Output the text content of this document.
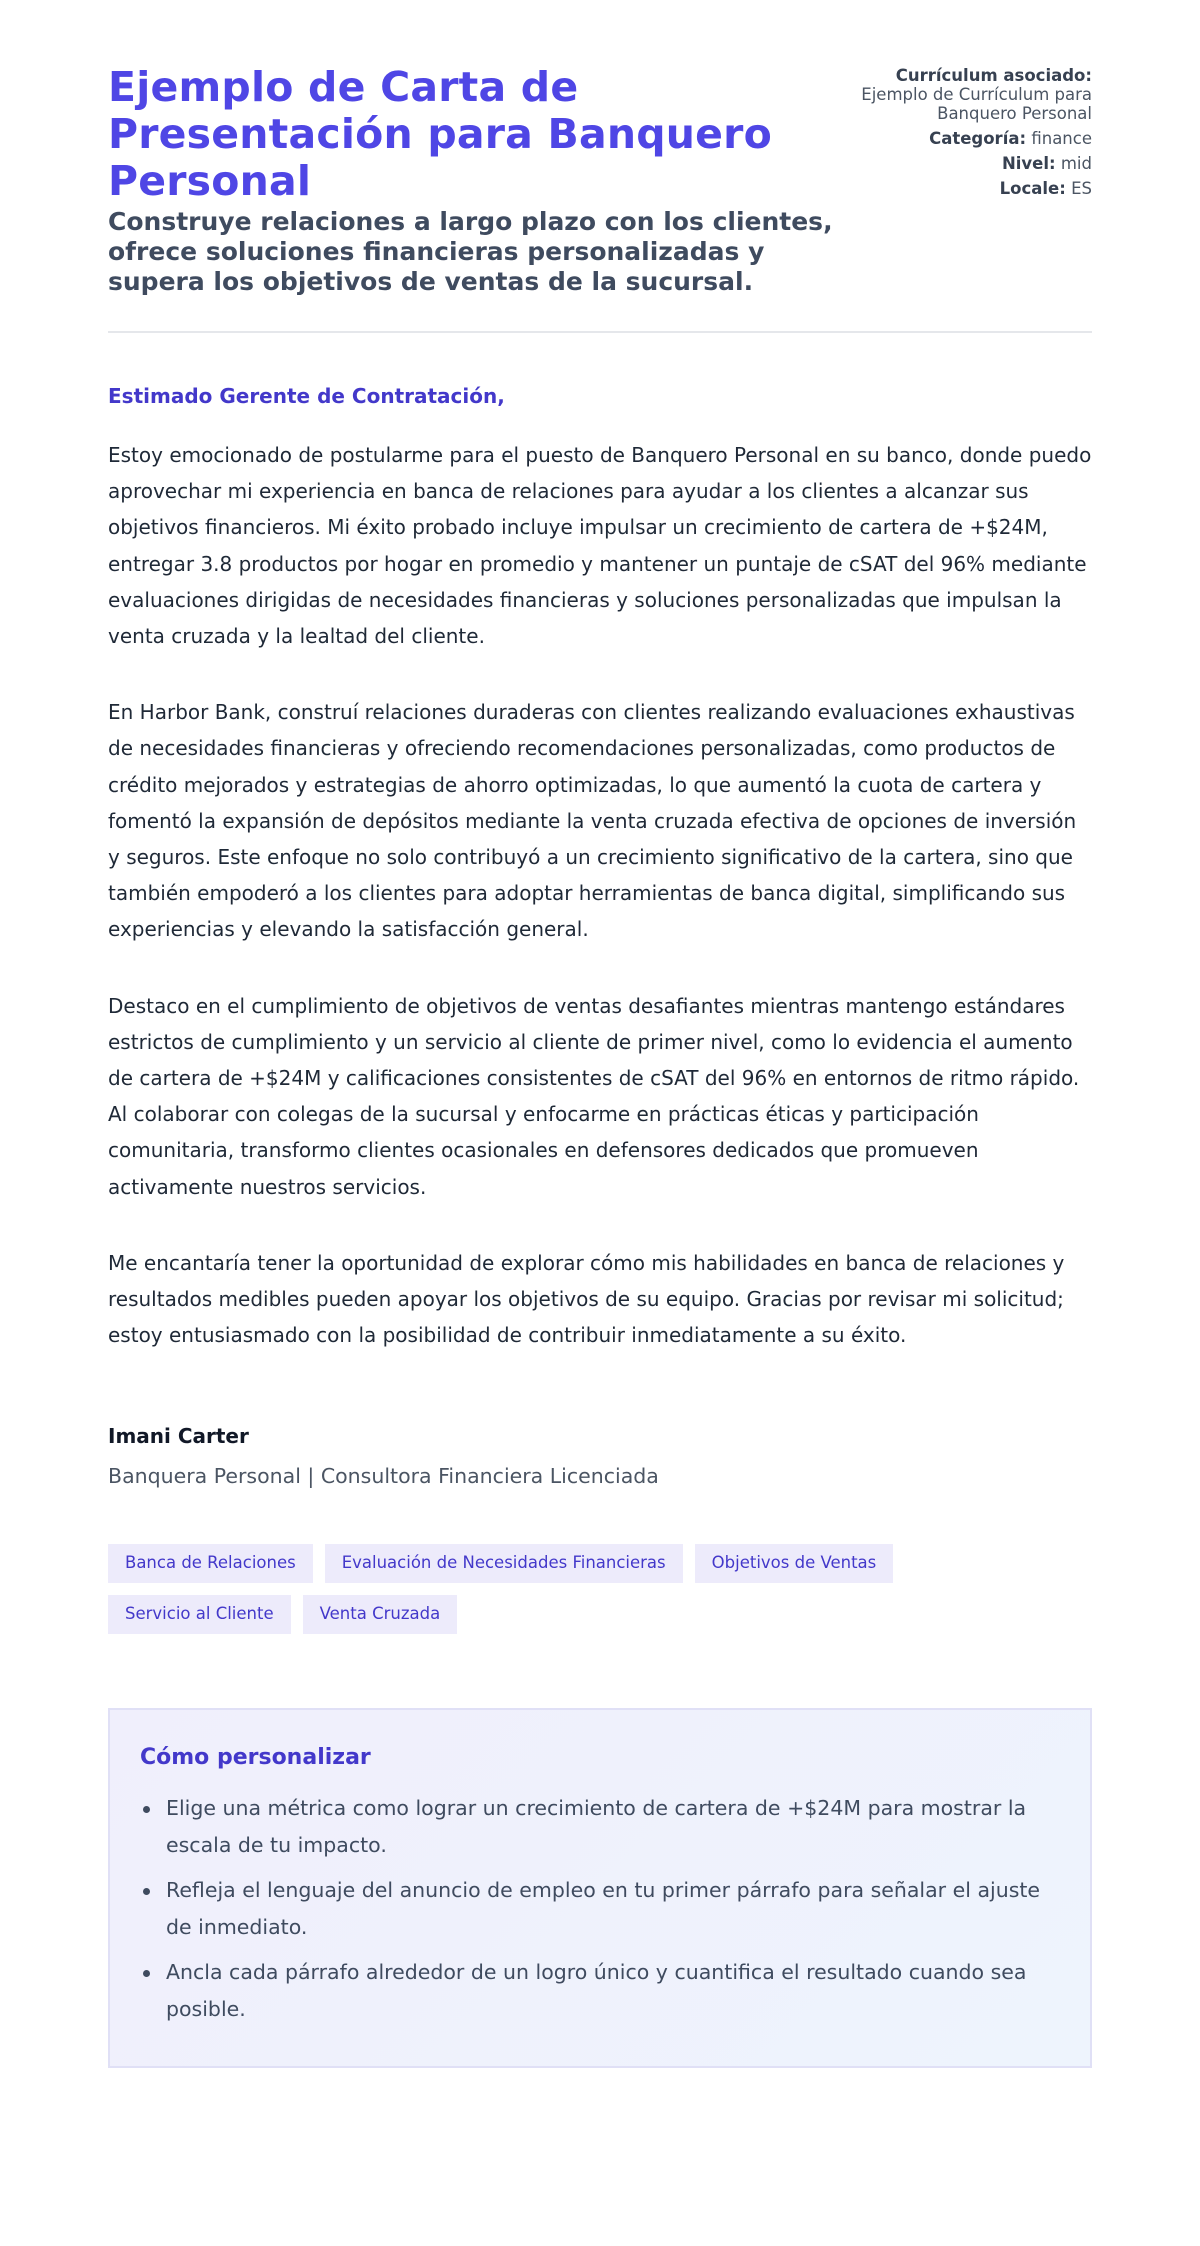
Ejemplo de Carta de Presentación para Banquero Personal
Construye relaciones a largo plazo con los clientes, ofrece soluciones financieras personalizadas y supera los objetivos de ventas de la sucursal.
Currículum asociado: Ejemplo de Currículum para Banquero Personal
Categoría: finance
Nivel: mid
Locale: ES

Estimado Gerente de Contratación,

Estoy emocionado de postularme para el puesto de Banquero Personal en su banco, donde puedo aprovechar mi experiencia en banca de relaciones para ayudar a los clientes a alcanzar sus objetivos financieros. Mi éxito probado incluye impulsar un crecimiento de cartera de +$24M, entregar 3.8 productos por hogar en promedio y mantener un puntaje de cSAT del 96% mediante evaluaciones dirigidas de necesidades financieras y soluciones personalizadas que impulsan la venta cruzada y la lealtad del cliente.

En Harbor Bank, construí relaciones duraderas con clientes realizando evaluaciones exhaustivas de necesidades financieras y ofreciendo recomendaciones personalizadas, como productos de crédito mejorados y estrategias de ahorro optimizadas, lo que aumentó la cuota de cartera y fomentó la expansión de depósitos mediante la venta cruzada efectiva de opciones de inversión y seguros. Este enfoque no solo contribuyó a un crecimiento significativo de la cartera, sino que también empoderó a los clientes para adoptar herramientas de banca digital, simplificando sus experiencias y elevando la satisfacción general.

Destaco en el cumplimiento de objetivos de ventas desafiantes mientras mantengo estándares estrictos de cumplimiento y un servicio al cliente de primer nivel, como lo evidencia el aumento de cartera de +$24M y calificaciones consistentes de cSAT del 96% en entornos de ritmo rápido. Al colaborar con colegas de la sucursal y enfocarme en prácticas éticas y participación comunitaria, transformo clientes ocasionales en defensores dedicados que promueven activamente nuestros servicios.

Me encantaría tener la oportunidad de explorar cómo mis habilidades en banca de relaciones y resultados medibles pueden apoyar los objetivos de su equipo. Gracias por revisar mi solicitud; estoy entusiasmado con la posibilidad de contribuir inmediatamente a su éxito.

Imani Carter
Banquera Personal | Consultora Financiera Licenciada
Banca de Relaciones	Evaluación de Necesidades Financieras	Objetivos de Ventas
Servicio al Cliente	Venta Cruzada
Cómo personalizar
Elige una métrica como lograr un crecimiento de cartera de +$24M para mostrar la escala de tu impacto.
Refleja el lenguaje del anuncio de empleo en tu primer párrafo para señalar el ajuste de inmediato.
Ancla cada párrafo alrededor de un logro único y cuantifica el resultado cuando sea posible.
